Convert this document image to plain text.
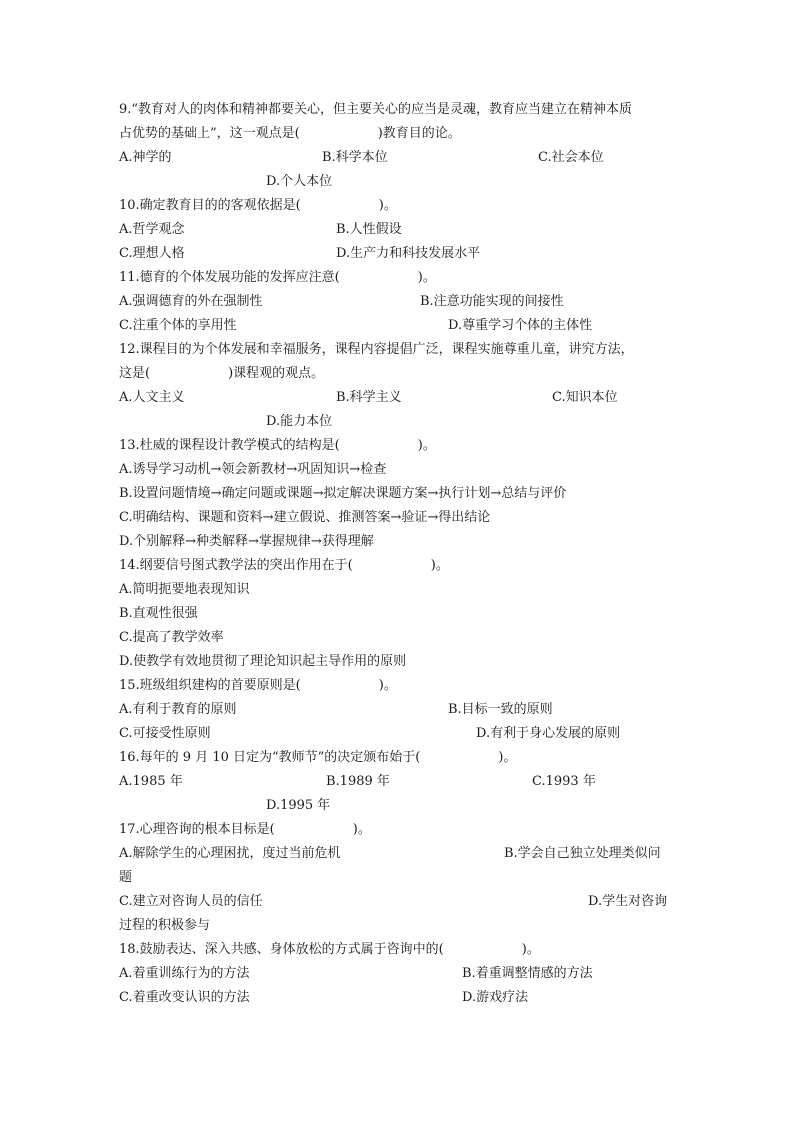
9.“教育对人的肉体和精神都要关心，但主要关心的应当是灵魂，教育应当建立在精神本质
占优势的基础上”，这一观点是(　　　　　　)教育目的论。
A.神学的	B.科学本位	C.社会本位
D.个人本位
10.确定教育目的的客观依据是(　　　　　　)。
A.哲学观念	B.人性假设
C.理想人格	D.生产力和科技发展水平
11.德育的个体发展功能的发挥应注意(　　　　　　)。
A.强调德育的外在强制性	B.注意功能实现的间接性
C.注重个体的享用性	D.尊重学习个体的主体性
12.课程目的为个体发展和幸福服务，课程内容提倡广泛，课程实施尊重儿童，讲究方法，
这是(　　　　　　)课程观的观点。
A.人文主义	B.科学主义	C.知识本位
D.能力本位
13.杜威的课程设计教学模式的结构是(　　　　　　)。
A.诱导学习动机→领会新教材→巩固知识→检查
B.设置问题情境→确定问题或课题→拟定解决课题方案→执行计划→总结与评价
C.明确结构、课题和资料→建立假说、推测答案→验证→得出结论
D.个别解释→种类解释→掌握规律→获得理解
14.纲要信号图式教学法的突出作用在于(　　　　　　)。
A.简明扼要地表现知识
B.直观性很强
C.提高了教学效率
D.使教学有效地贯彻了理论知识起主导作用的原则
15.班级组织建构的首要原则是(　　　　　　)。
A.有利于教育的原则	B.目标一致的原则
C.可接受性原则	D.有利于身心发展的原则
16.每年的 9 月 10 日定为“教师节”的决定颁布始于(　　　　　　)。
A.1985 年	B.1989 年	C.1993 年
D.1995 年
17.心理咨询的根本目标是(　　　　　　)。
A.解除学生的心理困扰，度过当前危机	B.学会自己独立处理类似问
题
C.建立对咨询人员的信任	D.学生对咨询
过程的积极参与
18.鼓励表达、深入共感、身体放松的方式属于咨询中的(　　　　　　)。
A.着重训练行为的方法	B.着重调整情感的方法
C.着重改变认识的方法	D.游戏疗法
